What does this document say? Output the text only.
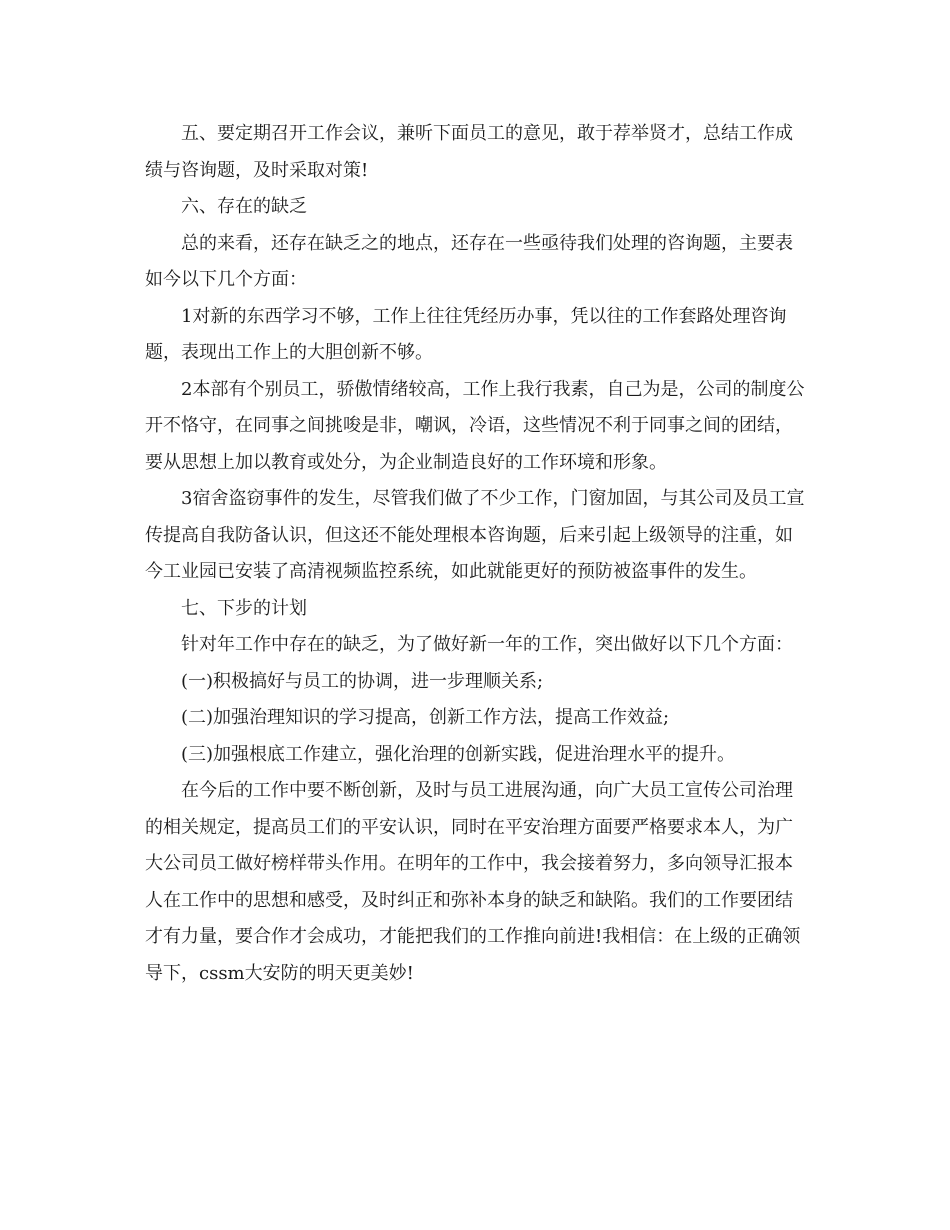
五、要定期召开工作会议，兼听下面员工的意见，敢于荐举贤才，总结工作成绩与咨询题，及时采取对策!

六、存在的缺乏

总的来看，还存在缺乏之的地点，还存在一些亟待我们处理的咨询题，主要表如今以下几个方面：

1对新的东西学习不够，工作上往往凭经历办事，凭以往的工作套路处理咨询题，表现出工作上的大胆创新不够。

2本部有个别员工，骄傲情绪较高，工作上我行我素，自己为是，公司的制度公开不恪守，在同事之间挑唆是非，嘲讽，冷语，这些情况不利于同事之间的团结，要从思想上加以教育或处分，为企业制造良好的工作环境和形象。

3宿舍盗窃事件的发生，尽管我们做了不少工作，门窗加固，与其公司及员工宣传提高自我防备认识，但这还不能处理根本咨询题，后来引起上级领导的注重，如今工业园已安装了高清视频监控系统，如此就能更好的预防被盗事件的发生。

七、下步的计划

针对年工作中存在的缺乏，为了做好新一年的工作，突出做好以下几个方面：

(一)积极搞好与员工的协调，进一步理顺关系;

(二)加强治理知识的学习提高，创新工作方法，提高工作效益;

(三)加强根底工作建立，强化治理的创新实践，促进治理水平的提升。

在今后的工作中要不断创新，及时与员工进展沟通，向广大员工宣传公司治理的相关规定，提高员工们的平安认识，同时在平安治理方面要严格要求本人，为广大公司员工做好榜样带头作用。在明年的工作中，我会接着努力，多向领导汇报本人在工作中的思想和感受，及时纠正和弥补本身的缺乏和缺陷。我们的工作要团结才有力量，要合作才会成功，才能把我们的工作推向前进!我相信：在上级的正确领导下，cssm大安防的明天更美妙!
